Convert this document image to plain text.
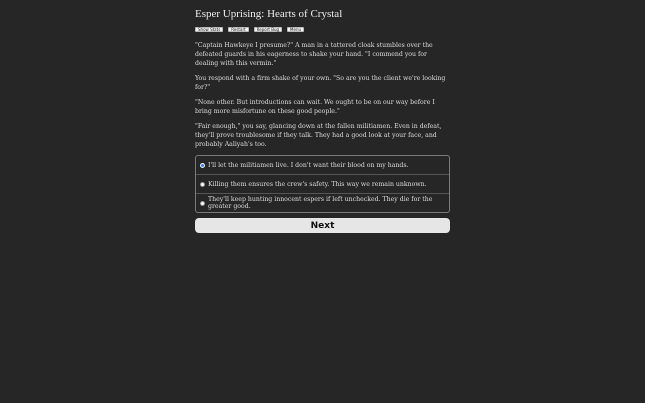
Esper Uprising: Hearts of Crystal
Show Stats	Restart	Report Bug	Menu

"Captain Hawkeye I presume?" A man in a tattered cloak stumbles over the defeated guards in his eagerness to shake your hand. "I commend you for dealing with this vermin."

You respond with a firm shake of your own. "So are you the client we're looking for?"

"None other. But introductions can wait. We ought to be on our way before I bring more misfortune on these good people."

"Fair enough," you say, glancing down at the fallen militiamen. Even in defeat, they'll prove troublesome if they talk. They had a good look at your face, and probably Aaliyah's too.

I'll let the militiamen live. I don't want their blood on my hands.
Killing them ensures the crew's safety. This way we remain unknown.
They'll keep hunting innocent espers if left unchecked. They die for the greater good.
Next
